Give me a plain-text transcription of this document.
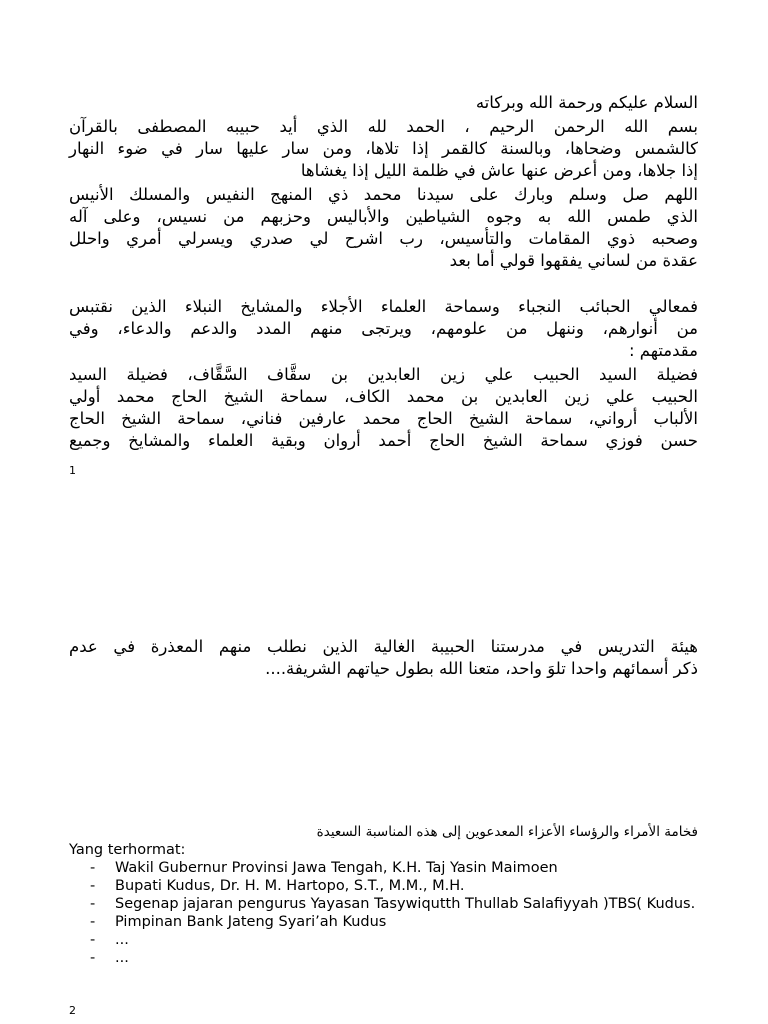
السلام عليكم ورحمة الله وبركاته
بسم الله الرحمن الرحيم ، الحمد لله الذي أيد حبيبه المصطفى بالقرآن
كالشمس وضحاها، وبالسنة كالقمر إذا تلاها، ومن سار عليها سار في ضوء النهار
إذا جلاها، ومن أعرض عنها عاش في ظلمة الليل إذا يغشاها
اللهم صل وسلم وبارك على سيدنا محمد ذي المنهج النفيس والمسلك الأنيس
الذي طمس الله به وجوه الشياطين والأباليس وحزبهم من نسيس، وعلى آله
وصحبه ذوي المقامات والتأسيس، رب اشرح لي صدري ويسرلي أمري واحلل
عقدة من لساني يفقهوا قولي أما بعد
فمعالي الحبائب النجباء وسماحة العلماء الأجلاء والمشايخ النبلاء الذين نقتبس
من أنوارهم، وننهل من علومهم، ويرتجى منهم المدد والدعم والدعاء، وفي
مقدمتهم :
فضيلة السيد الحبيب علي زين العابدين بن سقَّاف السَّقَّاف، فضيلة السيد
الحبيب علي زين العابدين بن محمد الكاف، سماحة الشيخ الحاج محمد أولي
الألباب أرواني، سماحة الشيخ الحاج محمد عارفين فناني، سماحة الشيخ الحاج
حسن فوزي سماحة الشيخ الحاج أحمد أروان وبقية العلماء والمشايخ وجميع
1
هيئة التدريس في مدرستنا الحبيبة الغالية الذين نطلب منهم المعذرة في عدم
ذكر أسمائهم واحدا تلوَ واحد، متعنا الله بطول حياتهم الشريفة....
فخامة الأمراء والرؤساء الأعزاء المعدعوين إلى هذه المناسبة السعيدة
Yang terhormat:
- Wakil Gubernur Provinsi Jawa Tengah, K.H. Taj Yasin Maimoen
- Bupati Kudus, Dr. H. M. Hartopo, S.T., M.M., M.H.
- Segenap jajaran pengurus Yayasan Tasywiqutth Thullab Salafiyyah )TBS( Kudus.
- Pimpinan Bank Jateng Syari’ah Kudus
- ...
- ...
2
